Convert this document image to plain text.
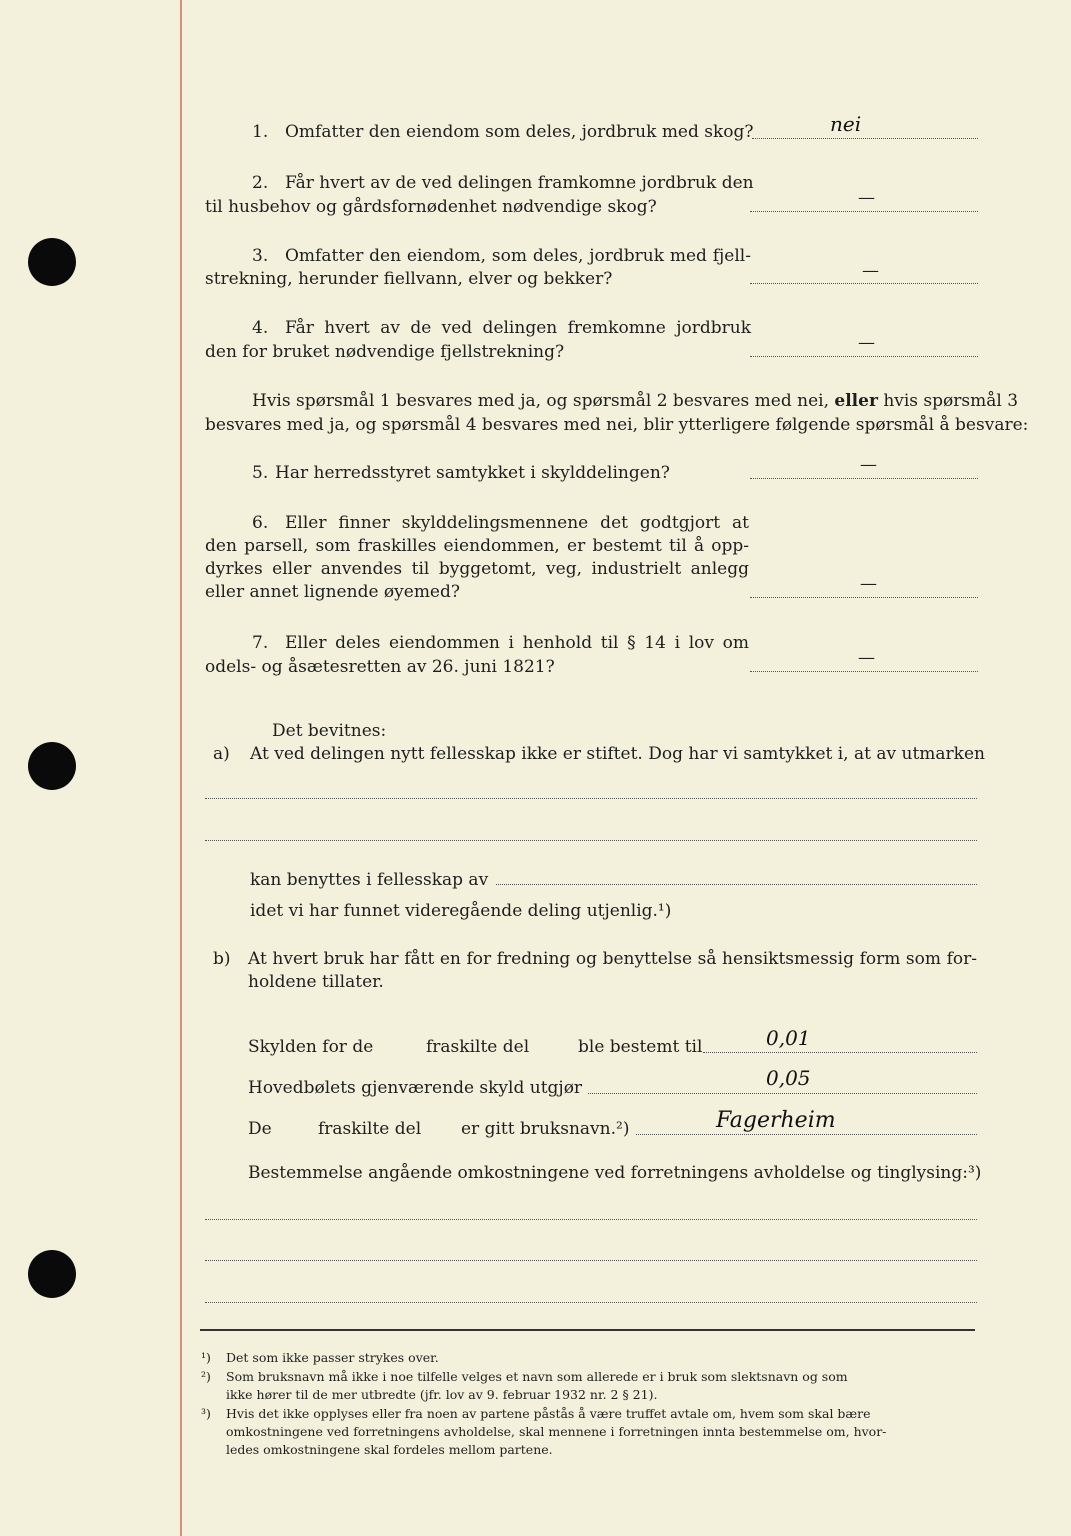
1. Omfatter den eiendom som deles, jordbruk med skog?	nei
2. Får hvert av de ved delingen framkomne jordbruk den
til husbehov og gårdsfornødenhet nødvendige skog?	—
3. Omfatter den eiendom, som deles, jordbruk med fjell-
strekning, herunder fiellvann, elver og bekker?	—
4. Får hvert av de ved delingen fremkomne jordbruk
den for bruket nødvendige fjellstrekning?	—
Hvis spørsmål 1 besvares med ja, og spørsmål 2 besvares med nei, eller hvis spørsmål 3
besvares med ja, og spørsmål 4 besvares med nei, blir ytterligere følgende spørsmål å besvare:
5. Har herredsstyret samtykket i skylddelingen?	—
6. Eller finner skylddelingsmennene det godtgjort at
den parsell, som fraskilles eiendommen, er bestemt til å opp-
dyrkes eller anvendes til byggetomt, veg, industrielt anlegg
eller annet lignende øyemed?	—
7. Eller deles eiendommen i henhold til § 14 i lov om
odels- og åsætesretten av 26. juni 1821?	—
Det bevitnes:
a) At ved delingen nytt fellesskap ikke er stiftet. Dog har vi samtykket i, at av utmarken
kan benyttes i fellesskap av
idet vi har funnet videregående deling utjenlig.¹)
b) At hvert bruk har fått en for fredning og benyttelse så hensiktsmessig form som for-
holdene tillater.
Skylden for de	fraskilte del	ble bestemt til	0,01
Hovedbølets gjenværende skyld utgjør	0,05
De	fraskilte del er gitt bruksnavn.²)	Fagerheim
Bestemmelse angående omkostningene ved forretningens avholdelse og tinglysing:³)
¹) Det som ikke passer strykes over.
²) Som bruksnavn må ikke i noe tilfelle velges et navn som allerede er i bruk som slektsnavn og som
ikke hører til de mer utbredte (jfr. lov av 9. februar 1932 nr. 2 § 21).
³) Hvis det ikke opplyses eller fra noen av partene påstås å være truffet avtale om, hvem som skal bære
omkostningene ved forretningens avholdelse, skal mennene i forretningen innta bestemmelse om, hvor-
ledes omkostningene skal fordeles mellom partene.
